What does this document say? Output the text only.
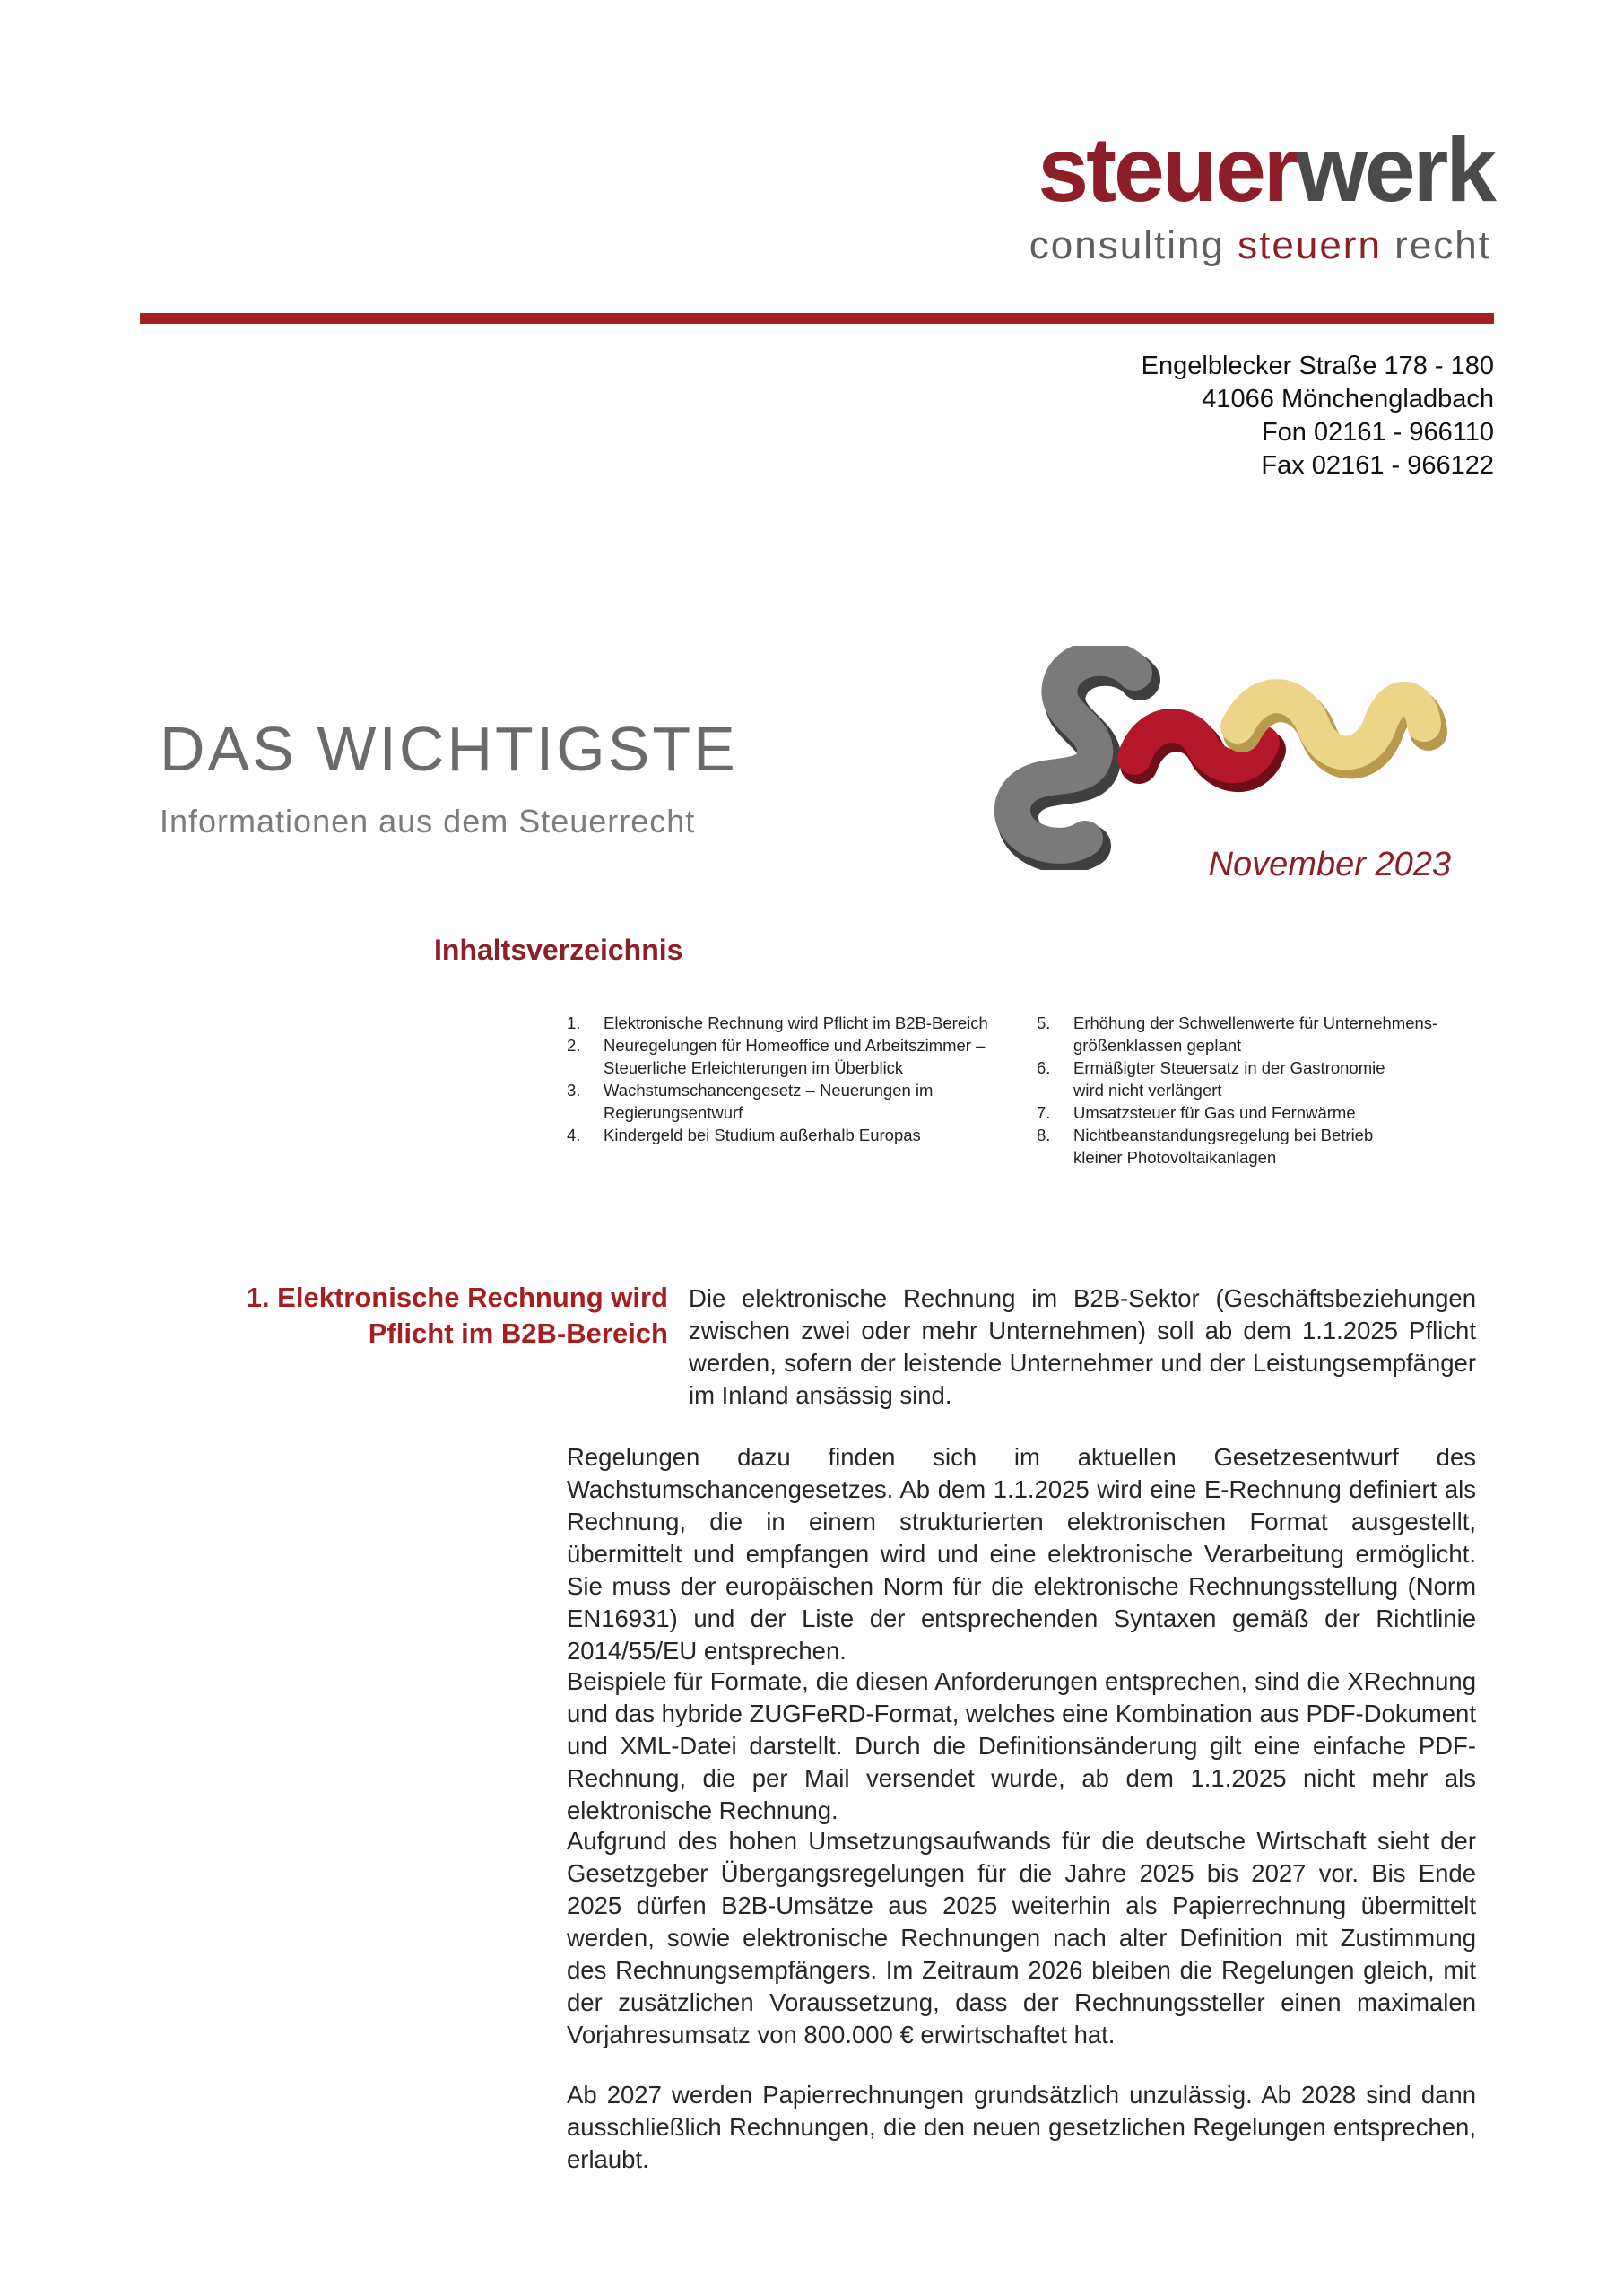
steuerwerk
consulting steuern recht
Engelblecker Straße 178 - 180
41066 Mönchengladbach
Fon 02161 - 966110
Fax 02161 - 966122
DAS WICHTIGSTE
Informationen aus dem Steuerrecht
November 2023
Inhaltsverzeichnis
1.	Elektronische Rechnung wird Pflicht im B2B-Bereich
2.	Neuregelungen für Homeoffice und Arbeitszimmer –
Steuerliche Erleichterungen im Überblick
3.	Wachstumschancengesetz – Neuerungen im
Regierungsentwurf
4.	Kindergeld bei Studium außerhalb Europas
5.	Erhöhung der Schwellenwerte für Unternehmens-
größenklassen geplant
6.	Ermäßigter Steuersatz in der Gastronomie
wird nicht verlängert
7.	Umsatzsteuer für Gas und Fernwärme
8.	Nichtbeanstandungsregelung bei Betrieb
kleiner Photovoltaikanlagen
1. Elektronische Rechnung wird Pflicht im B2B-Bereich
Die elektronische Rechnung im B2B-Sektor (Geschäftsbeziehungen zwischen zwei oder mehr Unternehmen) soll ab dem 1.1.2025 Pflicht werden, sofern der leistende Unternehmer und der Leistungsempfänger im Inland ansässig sind.
Regelungen dazu finden sich im aktuellen Gesetzesentwurf des Wachstumschancengesetzes. Ab dem 1.1.2025 wird eine E-Rechnung definiert als Rechnung, die in einem strukturierten elektronischen Format ausgestellt, übermittelt und empfangen wird und eine elektronische Verarbeitung ermöglicht. Sie muss der europäischen Norm für die elektronische Rechnungsstellung (Norm EN16931) und der Liste der entsprechenden Syntaxen gemäß der Richtlinie 2014/55/EU entsprechen.
Beispiele für Formate, die diesen Anforderungen entsprechen, sind die XRechnung und das hybride ZUGFeRD-Format, welches eine Kombination aus PDF-Dokument und XML-Datei darstellt. Durch die Definitionsänderung gilt eine einfache PDF-Rechnung, die per Mail versendet wurde, ab dem 1.1.2025 nicht mehr als elektronische Rechnung.
Aufgrund des hohen Umsetzungsaufwands für die deutsche Wirtschaft sieht der Gesetzgeber Übergangsregelungen für die Jahre 2025 bis 2027 vor. Bis Ende 2025 dürfen B2B-Umsätze aus 2025 weiterhin als Papierrechnung übermittelt werden, sowie elektronische Rechnungen nach alter Definition mit Zustimmung des Rechnungsempfängers. Im Zeitraum 2026 bleiben die Regelungen gleich, mit der zusätzlichen Voraussetzung, dass der Rechnungssteller einen maximalen Vorjahresumsatz von 800.000 € erwirtschaftet hat.
Ab 2027 werden Papierrechnungen grundsätzlich unzulässig. Ab 2028 sind dann ausschließlich Rechnungen, die den neuen gesetzlichen Regelungen entsprechen, erlaubt.
